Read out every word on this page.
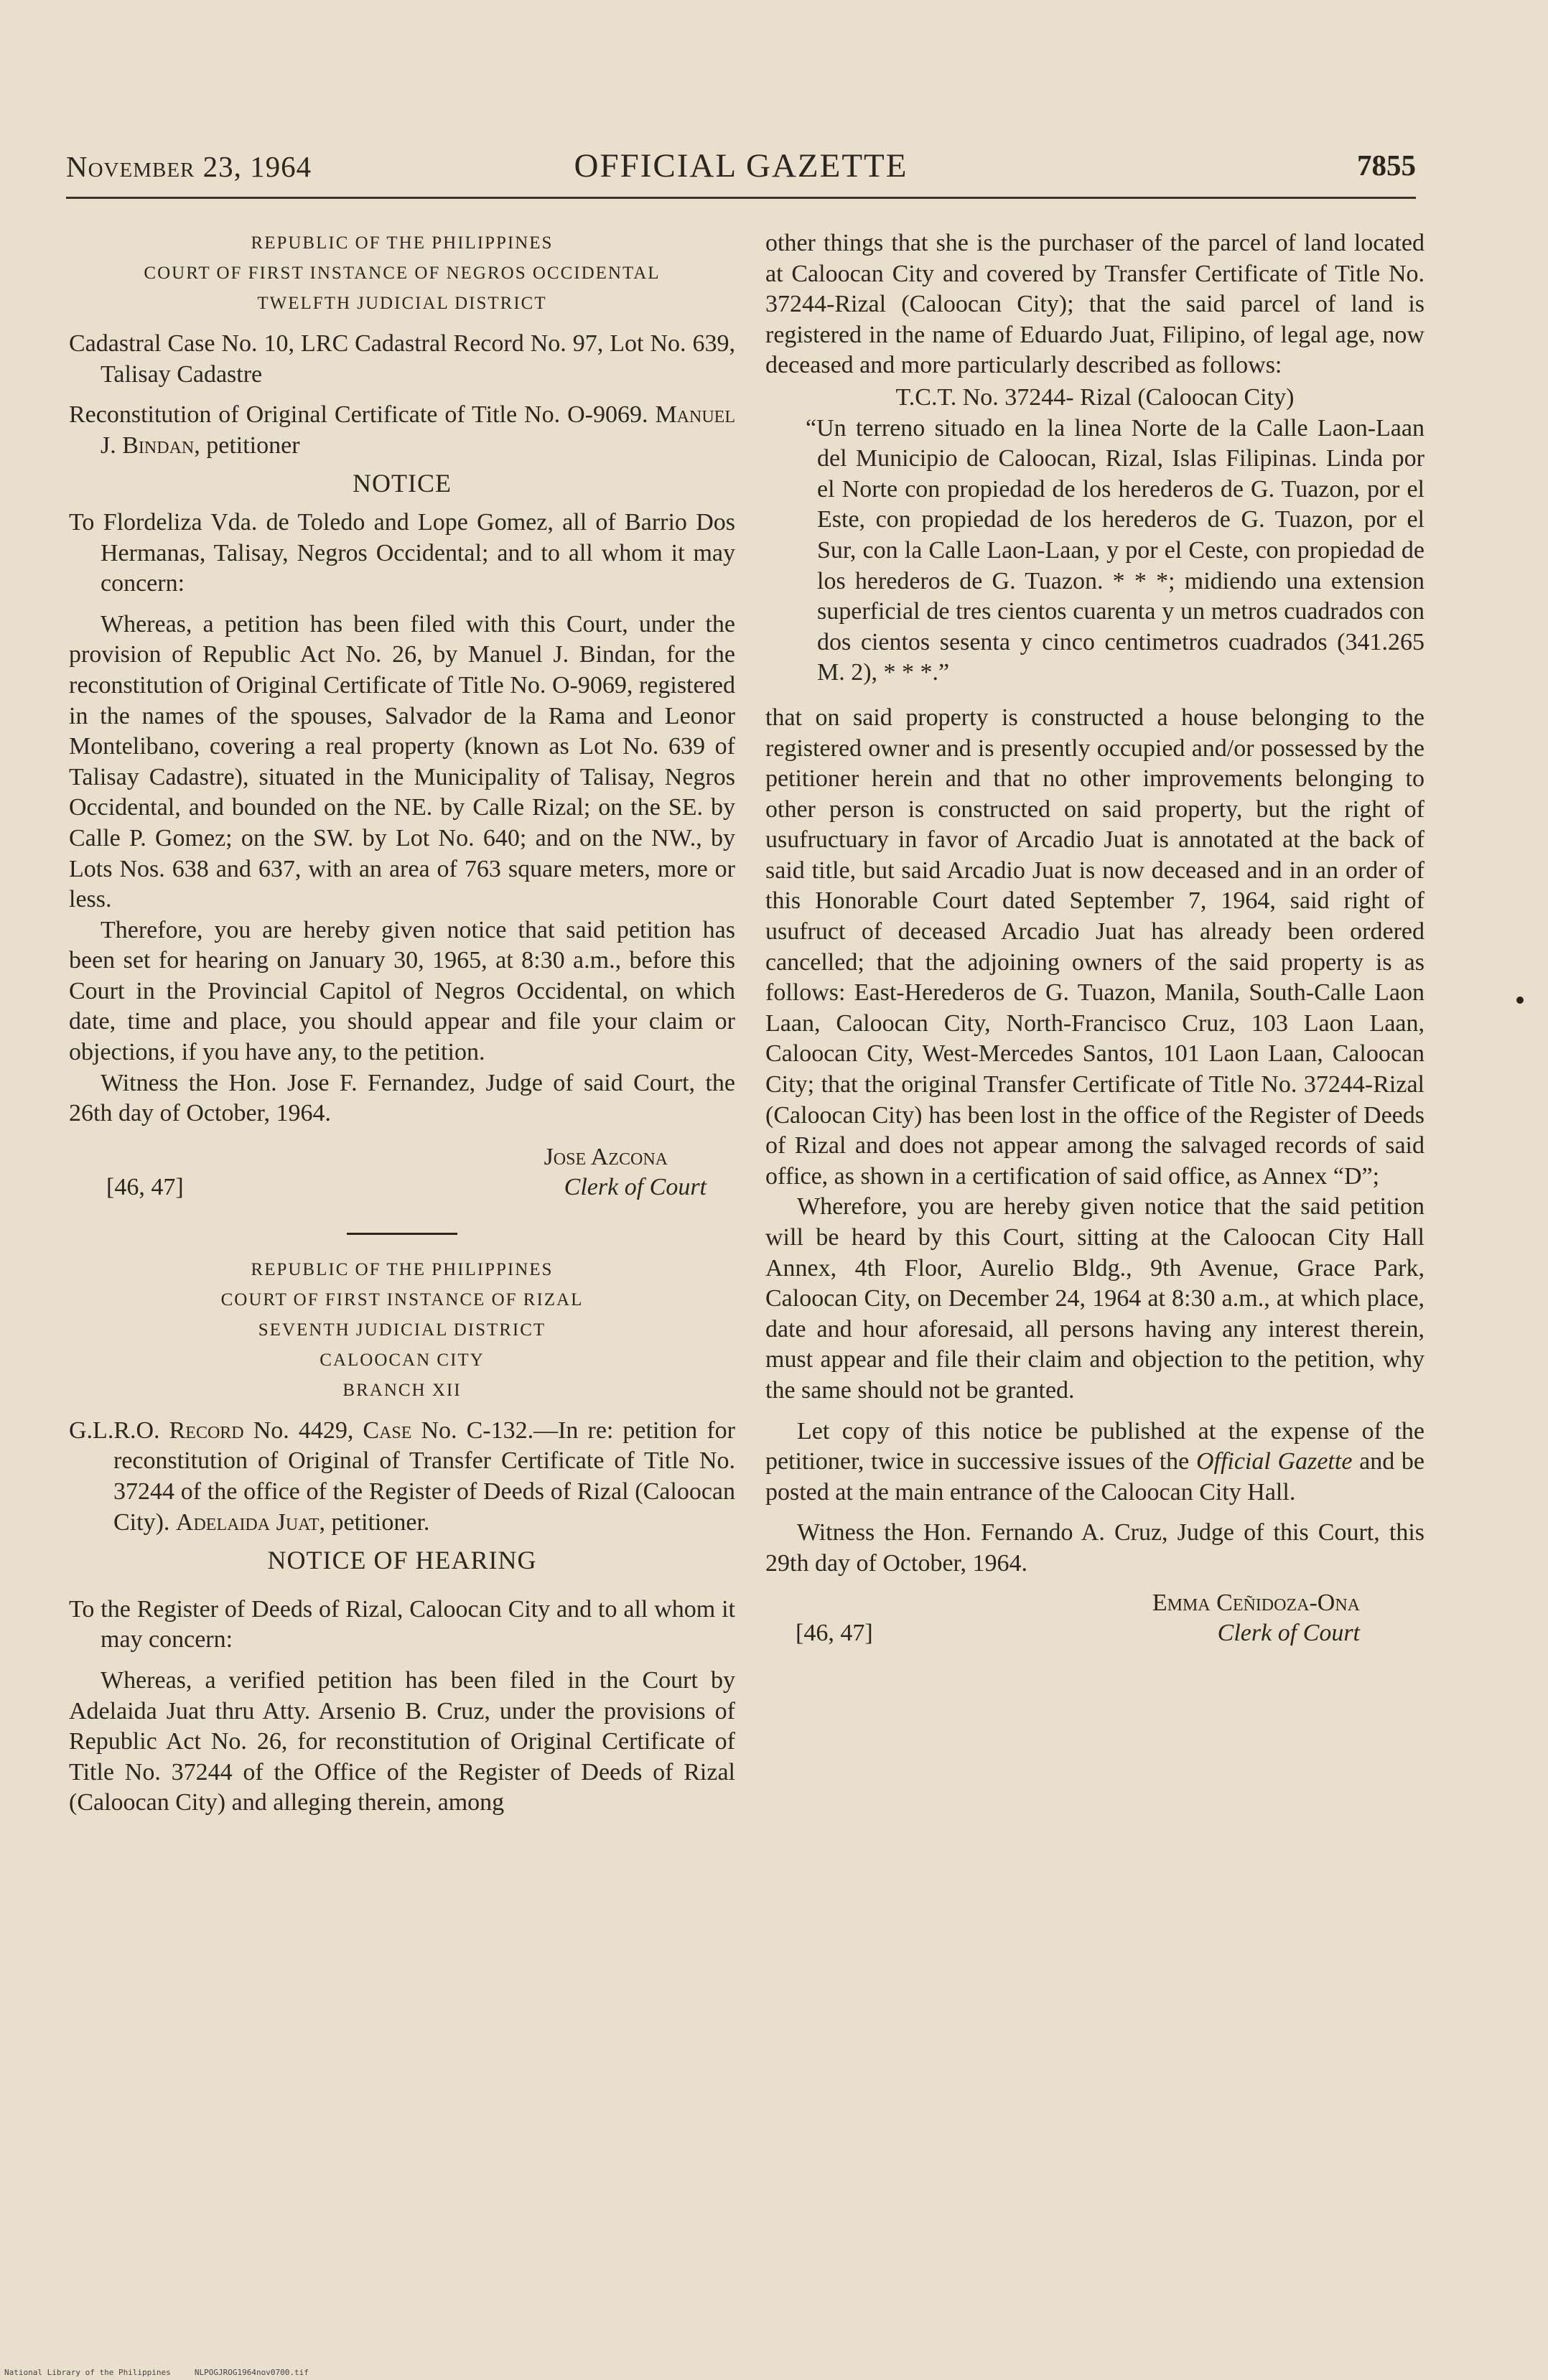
November 23, 1964	OFFICIAL GAZETTE	7855
REPUBLIC OF THE PHILIPPINES
COURT OF FIRST INSTANCE OF NEGROS OCCIDENTAL
TWELFTH JUDICIAL DISTRICT

Cadastral Case No. 10, LRC Cadastral Record No. 97, Lot No. 639, Talisay Cadastre

Reconstitution of Original Certificate of Title No. O-9069. Manuel J. Bindan, petitioner

NOTICE

To Flordeliza Vda. de Toledo and Lope Gomez, all of Barrio Dos Hermanas, Talisay, Negros Occidental; and to all whom it may concern:

Whereas, a petition has been filed with this Court, under the provision of Republic Act No. 26, by Manuel J. Bindan, for the reconstitution of Original Certificate of Title No. O-9069, registered in the names of the spouses, Salvador de la Rama and Leonor Montelibano, covering a real property (known as Lot No. 639 of Talisay Cadastre), situated in the Municipality of Talisay, Negros Occidental, and bounded on the NE. by Calle Rizal; on the SE. by Calle P. Gomez; on the SW. by Lot No. 640; and on the NW., by Lots Nos. 638 and 637, with an area of 763 square meters, more or less.

Therefore, you are hereby given notice that said petition has been set for hearing on January 30, 1965, at 8:30 a.m., before this Court in the Provincial Capitol of Negros Occidental, on which date, time and place, you should appear and file your claim or objections, if you have any, to the petition.

Witness the Hon. Jose F. Fernandez, Judge of said Court, the 26th day of October, 1964.

Jose Azcona
[46, 47]	Clerk of Court
REPUBLIC OF THE PHILIPPINES
COURT OF FIRST INSTANCE OF RIZAL
SEVENTH JUDICIAL DISTRICT
CALOOCAN CITY
BRANCH XII

G.L.R.O. Record No. 4429, Case No. C-132.—In re: petition for reconstitution of Original of Transfer Certificate of Title No. 37244 of the office of the Register of Deeds of Rizal (Caloocan City). Adelaida Juat, petitioner.

NOTICE OF HEARING

To the Register of Deeds of Rizal, Caloocan City and to all whom it may concern:

Whereas, a verified petition has been filed in the Court by Adelaida Juat thru Atty. Arsenio B. Cruz, under the provisions of Republic Act No. 26, for reconstitution of Original Certificate of Title No. 37244 of the Office of the Register of Deeds of Rizal (Caloocan City) and alleging therein, among

other things that she is the purchaser of the parcel of land located at Caloocan City and covered by Transfer Certificate of Title No. 37244-Rizal (Caloocan City); that the said parcel of land is registered in the name of Eduardo Juat, Filipino, of legal age, now deceased and more particularly described as follows:

T.C.T. No. 37244- Rizal (Caloocan City)

“Un terreno situado en la linea Norte de la Calle Laon-Laan del Municipio de Caloocan, Rizal, Islas Filipinas. Linda por el Norte con propiedad de los herederos de G. Tuazon, por el Este, con propiedad de los herederos de G. Tuazon, por el Sur, con la Calle Laon-Laan, y por el Ceste, con propiedad de los herederos de G. Tuazon. * * *; midiendo una extension superficial de tres cientos cuarenta y un metros cuadrados con dos cientos sesenta y cinco centimetros cuadrados (341.265 M. 2), * * *.”

that on said property is constructed a house belonging to the registered owner and is presently occupied and/or possessed by the petitioner herein and that no other improvements belonging to other person is constructed on said property, but the right of usufructuary in favor of Arcadio Juat is annotated at the back of said title, but said Arcadio Juat is now deceased and in an order of this Honorable Court dated September 7, 1964, said right of usufruct of deceased Arcadio Juat has already been ordered cancelled; that the adjoining owners of the said property is as follows: East-Herederos de G. Tuazon, Manila, South-Calle Laon Laan, Caloocan City, North-Francisco Cruz, 103 Laon Laan, Caloocan City, West-Mercedes Santos, 101 Laon Laan, Caloocan City; that the original Transfer Certificate of Title No. 37244-Rizal (Caloocan City) has been lost in the office of the Register of Deeds of Rizal and does not appear among the salvaged records of said office, as shown in a certification of said office, as Annex “D”;

Wherefore, you are hereby given notice that the said petition will be heard by this Court, sitting at the Caloocan City Hall Annex, 4th Floor, Aurelio Bldg., 9th Avenue, Grace Park, Caloocan City, on December 24, 1964 at 8:30 a.m., at which place, date and hour aforesaid, all persons having any interest therein, must appear and file their claim and objection to the petition, why the same should not be granted.

Let copy of this notice be published at the expense of the petitioner, twice in successive issues of the Official Gazette and be posted at the main entrance of the Caloocan City Hall.

Witness the Hon. Fernando A. Cruz, Judge of this Court, this 29th day of October, 1964.

Emma Ceñidoza-Ona
[46, 47]	Clerk of Court
National Library of the Philippines     NLPOGJROG1964nov0700.tif
